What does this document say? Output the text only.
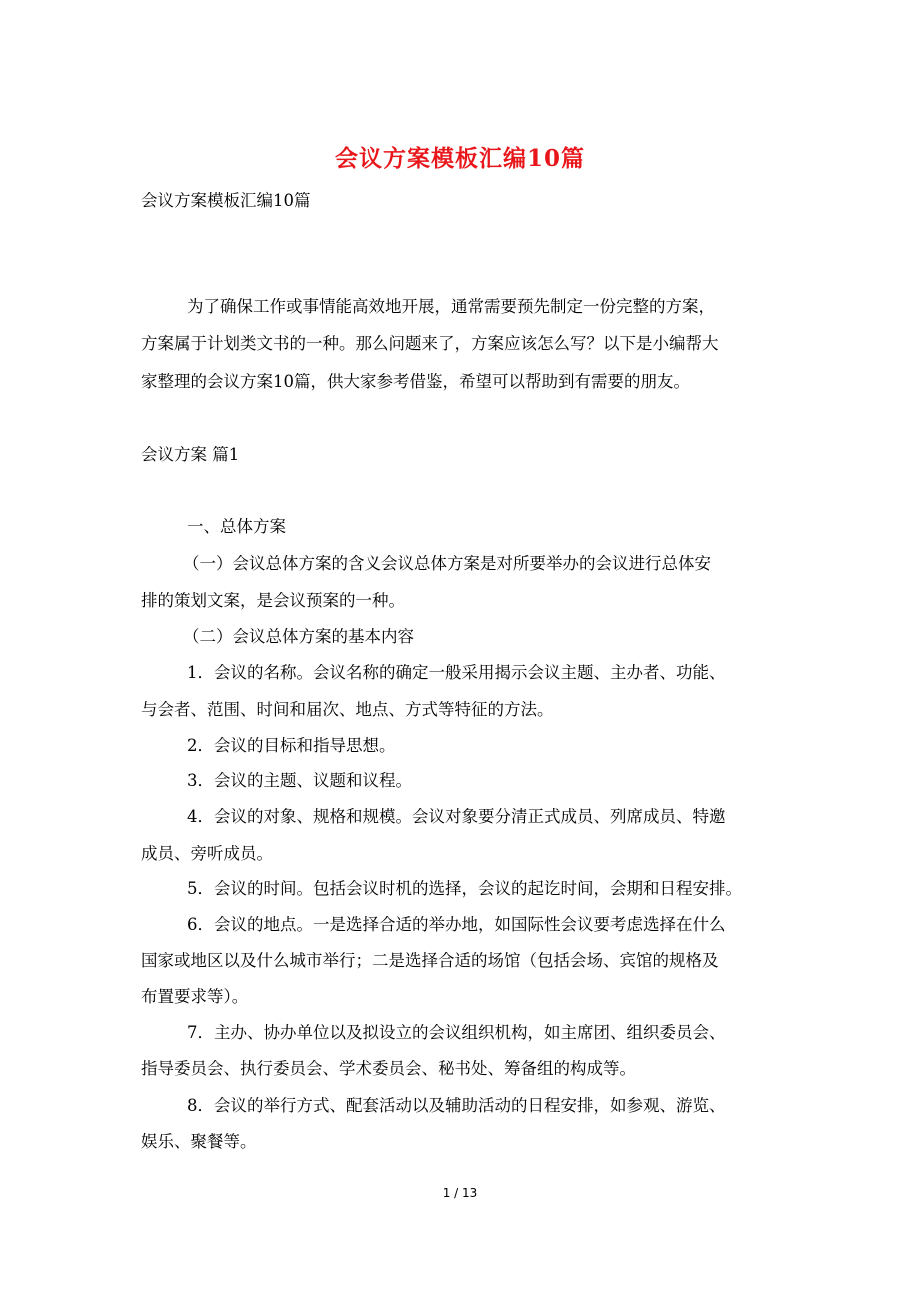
会议方案模板汇编10篇
会议方案模板汇编10篇
为了确保工作或事情能高效地开展，通常需要预先制定一份完整的方案，
方案属于计划类文书的一种。那么问题来了，方案应该怎么写？以下是小编帮大
家整理的会议方案10篇，供大家参考借鉴，希望可以帮助到有需要的朋友。
会议方案 篇1
一、总体方案
（一）会议总体方案的含义会议总体方案是对所要举办的会议进行总体安
排的策划文案，是会议预案的一种。
（二）会议总体方案的基本内容
1．会议的名称。会议名称的确定一般采用揭示会议主题、主办者、功能、
与会者、范围、时间和届次、地点、方式等特征的方法。
2．会议的目标和指导思想。
3．会议的主题、议题和议程。
4．会议的对象、规格和规模。会议对象要分清正式成员、列席成员、特邀
成员、旁听成员。
5．会议的时间。包括会议时机的选择，会议的起讫时间，会期和日程安排。
6．会议的地点。一是选择合适的举办地，如国际性会议要考虑选择在什么
国家或地区以及什么城市举行；二是选择合适的场馆（包括会场、宾馆的规格及
布置要求等）。
7．主办、协办单位以及拟设立的会议组织机构，如主席团、组织委员会、
指导委员会、执行委员会、学术委员会、秘书处、筹备组的构成等。
8．会议的举行方式、配套活动以及辅助活动的日程安排，如参观、游览、
娱乐、聚餐等。
1 / 13
